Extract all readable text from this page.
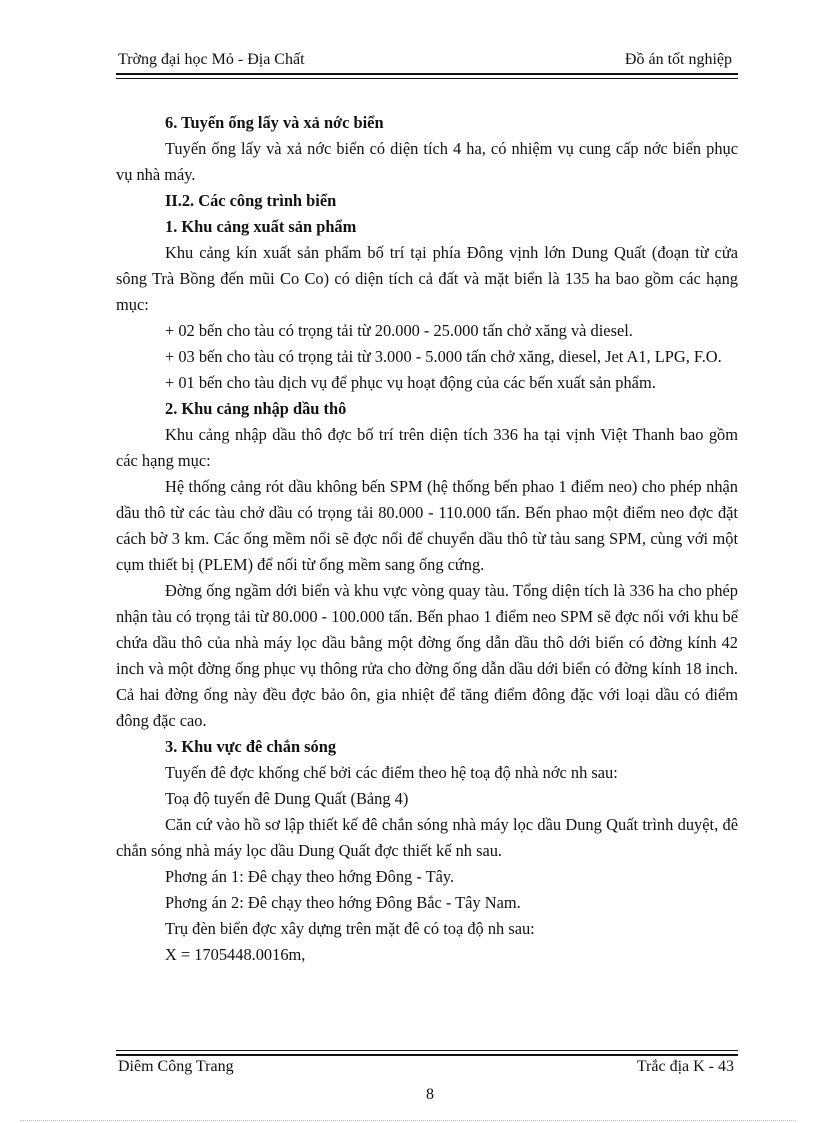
Trờng đại học Mỏ - Địa Chất	Đồ án tốt nghiệp

6. Tuyến ống lấy và xả nớc biển

Tuyến ống lấy và xả nớc biển có diện tích 4 ha, có nhiệm vụ cung cấp nớc biển phục vụ nhà máy.

II.2. Các công trình biển

1. Khu cảng xuất sản phẩm

Khu cảng kín xuất sản phẩm bố trí tại phía Đông vịnh lớn Dung Quất (đoạn từ cửa sông Trà Bồng đến mũi Co Co) có diện tích cả đất và mặt biển là 135 ha bao gồm các hạng mục:

+ 02 bến cho tàu có trọng tải từ 20.000 - 25.000 tấn chở xăng và diesel.

+ 03 bến cho tàu có trọng tải từ 3.000 - 5.000 tấn chở xăng, diesel, Jet A1, LPG, F.O.

+ 01 bến cho tàu dịch vụ để phục vụ hoạt động của các bến xuất sản phẩm.

2. Khu cảng nhập dầu thô

Khu cảng nhập dầu thô đợc bố trí trên diện tích 336 ha tại vịnh Việt Thanh bao gồm các hạng mục:

Hệ thống cảng rót dầu không bến SPM (hệ thống bến phao 1 điểm neo) cho phép nhận dầu thô từ các tàu chở dầu có trọng tải 80.000 - 110.000 tấn. Bến phao một điểm neo đợc đặt cách bờ 3 km. Các ống mềm nổi sẽ đợc nối để chuyển dầu thô từ tàu sang SPM, cùng với một cụm thiết bị (PLEM) để nối từ ống mềm sang ống cứng.

Đờng ống ngầm dới biển và khu vực vòng quay tàu. Tổng diện tích là 336 ha cho phép nhận tàu có trọng tải từ 80.000 - 100.000 tấn. Bến phao 1 điểm neo SPM sẽ đợc nối với khu bể chứa dầu thô của nhà máy lọc dầu bằng một đờng ống dẫn dầu thô dới biển có đờng kính 42 inch và một đờng ống phục vụ thông rửa cho đờng ống dẫn dầu dới biển có đờng kính 18 inch. Cả hai đờng ống này đều đợc bảo ôn, gia nhiệt để tăng điểm đông đặc với loại dầu có điểm đông đặc cao.

3. Khu vực đê chắn sóng

Tuyến đê đợc khống chế bởi các điểm theo hệ toạ độ nhà nớc nh sau:

Toạ độ tuyến đê Dung Quất (Bảng 4)

Căn cứ vào hồ sơ lập thiết kế đê chắn sóng nhà máy lọc dầu Dung Quất trình duyệt, đê chắn sóng nhà máy lọc dầu Dung Quất đợc thiết kế nh sau.

Phơng án 1: Đê chạy theo hớng Đông - Tây.

Phơng án 2: Đê chạy theo hớng Đông Bắc - Tây Nam.

Trụ đèn biển đợc xây dựng trên mặt đê có toạ độ nh sau:

X = 1705448.0016m,

Diêm Công Trang	Trắc địa K - 43
8
